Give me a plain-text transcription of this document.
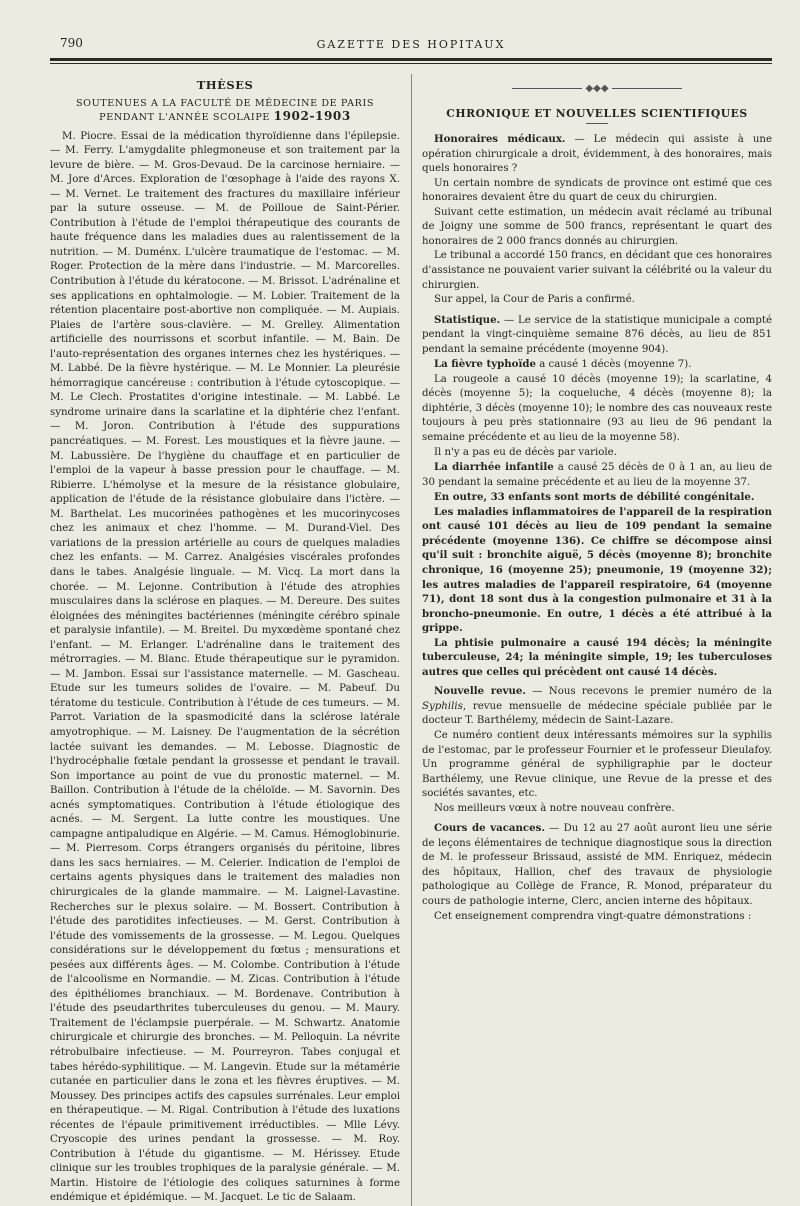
790	GAZETTE DES HOPITAUX
THÈSES
SOUTENUES A LA FACULTÉ DE MÉDECINE DE PARIS
PENDANT L'ANNÉE SCOLAIPE 1902-1903

M. Piocre. Essai de la médication thyroïdienne dans l'épilepsie. — M. Ferry. L'amygdalite phlegmoneuse et son traitement par la levure de bière. — M. Gros-Devaud. De la carcinose herniaire. — M. Jore d'Arces. Exploration de l'œsophage à l'aide des rayons X. — M. Vernet. Le traitement des fractures du maxillaire inférieur par la suture osseuse. — M. de Poilloue de Saint-Périer. Contribution à l'étude de l'emploi thérapeutique des courants de haute fréquence dans les maladies dues au ralentissement de la nutrition. — M. Duménx. L'ulcère traumatique de l'estomac. — M. Roger. Protection de la mère dans l'industrie. — M. Marcorelles. Contribution à l'étude du kératocone. — M. Brissot. L'adrénaline et ses applications en ophtalmologie. — M. Lobier. Traitement de la rétention placentaire post-abortive non compliquée. — M. Aupiais. Plaies de l'artère sous-clavière. — M. Grelley. Alimentation artificielle des nourrissons et scorbut infantile. — M. Bain. De l'auto-représentation des organes internes chez les hystériques. — M. Labbé. De la fièvre hystérique. — M. Le Monnier. La pleurésie hémorragique cancéreuse : contribution à l'étude cytoscopique. — M. Le Clech. Prostatites d'origine intestinale. — M. Labbé. Le syndrome urinaire dans la scarlatine et la diphtérie chez l'enfant. — M. Joron. Contribution à l'étude des suppurations pancréatiques. — M. Forest. Les moustiques et la fièvre jaune. — M. Labussière. De l'hygiène du chauffage et en particulier de l'emploi de la vapeur à basse pression pour le chauffage. — M. Ribierre. L'hémolyse et la mesure de la résistance globulaire, application de l'étude de la résistance globulaire dans l'ictère. — M. Barthelat. Les mucorinées pathogènes et les mucorinycoses chez les animaux et chez l'homme. — M. Durand-Viel. Des variations de la pression artérielle au cours de quelques maladies chez les enfants. — M. Carrez. Analgésies viscérales profondes dans le tabes. Analgésie linguale. — M. Vicq. La mort dans la chorée. — M. Lejonne. Contribution à l'étude des atrophies musculaires dans la sclérose en plaques. — M. Dereure. Des suites éloignées des méningites bactériennes (méningite cérébro spinale et paralysie infantile). — M. Breitel. Du myxœdème spontané chez l'enfant. — M. Erlanger. L'adrénaline dans le traitement des métrorragies. — M. Blanc. Etude thérapeutique sur le pyramidon. — M. Jambon. Essai sur l'assistance maternelle. — M. Gascheau. Etude sur les tumeurs solides de l'ovaire. — M. Pabeuf. Du tératome du testicule. Contribution à l'étude de ces tumeurs. — M. Parrot. Variation de la spasmodicité dans la sclérose latérale amyotrophique. — M. Laisney. De l'augmentation de la sécrétion lactée suivant les demandes. — M. Lebosse. Diagnostic de l'hydrocéphalie fœtale pendant la grossesse et pendant le travail. Son importance au point de vue du pronostic maternel. — M. Baillon. Contribution à l'étude de la chéloïde. — M. Savornin. Des acnés symptomatiques. Contribution à l'étude étiologique des acnés. — M. Sergent. La lutte contre les moustiques. Une campagne antipaludique en Algérie. — M. Camus. Hémoglobinurie. — M. Pierresom. Corps étrangers organisés du péritoine, libres dans les sacs herniaires. — M. Celerier. Indication de l'emploi de certains agents physiques dans le traitement des maladies non chirurgicales de la glande mammaire. — M. Laignel-Lavastine. Recherches sur le plexus solaire. — M. Bossert. Contribution à l'étude des parotidites infectieuses. — M. Gerst. Contribution à l'étude des vomissements de la grossesse. — M. Legou. Quelques considérations sur le développement du fœtus ; mensurations et pesées aux différents âges. — M. Colombe. Contribution à l'étude de l'alcoolisme en Normandie. — M. Zicas. Contribution à l'étude des épithéliomes branchiaux. — M. Bordenave. Contribution à l'étude des pseudarthrites tuberculeuses du genou. — M. Maury. Traitement de l'éclampsie puerpérale. — M. Schwartz. Anatomie chirurgicale et chirurgie des bronches. — M. Pelloquin. La névrite rétrobulbaire infectieuse. — M. Pourreyron. Tabes conjugal et tabes hérédo-syphilitique. — M. Langevin. Etude sur la métamérie cutanée en particulier dans le zona et les fièvres éruptives. — M. Moussey. Des principes actifs des capsules surrénales. Leur emploi en thérapeutique. — M. Rigal. Contribution à l'étude des luxations récentes de l'épaule primitivement irréductibles. — Mlle Lévy. Cryoscopie des urines pendant la grossesse. — M. Roy. Contribution à l'étude du gigantisme. — M. Hérissey. Etude clinique sur les troubles trophiques de la paralysie générale. — M. Martin. Histoire de l'étiologie des coliques saturnines à forme endémique et épidémique. — M. Jacquet. Le tic de Salaam.

◆◆◆
CHRONIQUE ET NOUVELLES SCIENTIFIQUES

Honoraires médicaux. — Le médecin qui assiste à une opération chirurgicale a droit, évidemment, à des honoraires, mais quels honoraires ?

Un certain nombre de syndicats de province ont estimé que ces honoraires devaient être du quart de ceux du chirurgien.

Suivant cette estimation, un médecin avait réclamé au tribunal de Joigny une somme de 500 francs, représentant le quart des honoraires de 2 000 francs donnés au chirurgien.

Le tribunal a accordé 150 francs, en décidant que ces honoraires d'assistance ne pouvaient varier suivant la célébrité ou la valeur du chirurgien.

Sur appel, la Cour de Paris a confirmé.

Statistique. — Le service de la statistique municipale a compté pendant la vingt-cinquième semaine 876 décès, au lieu de 851 pendant la semaine précédente (moyenne 904).

La fièvre typhoïde a causé 1 décès (moyenne 7).

La rougeole a causé 10 décès (moyenne 19); la scarlatine, 4 décès (moyenne 5); la coqueluche, 4 décès (moyenne 8); la diphtérie, 3 décès (moyenne 10); le nombre des cas nouveaux reste toujours à peu près stationnaire (93 au lieu de 96 pendant la semaine précédente et au lieu de la moyenne 58).

Il n'y a pas eu de décès par variole.

La diarrhée infantile a causé 25 décès de 0 à 1 an, au lieu de 30 pendant la semaine précédente et au lieu de la moyenne 37.

En outre, 33 enfants sont morts de débilité congénitale.

Les maladies inflammatoires de l'appareil de la respiration ont causé 101 décès au lieu de 109 pendant la semaine précédente (moyenne 136). Ce chiffre se décompose ainsi qu'il suit : bronchite aiguë, 5 décès (moyenne 8); bronchite chronique, 16 (moyenne 25); pneumonie, 19 (moyenne 32); les autres maladies de l'appareil respiratoire, 64 (moyenne 71), dont 18 sont dus à la congestion pulmonaire et 31 à la broncho-pneumonie. En outre, 1 décès a été attribué à la grippe.

La phtisie pulmonaire a causé 194 décès; la méningite tuberculeuse, 24; la méningite simple, 19; les tuberculoses autres que celles qui précèdent ont causé 14 décès.

Nouvelle revue. — Nous recevons le premier numéro de la Syphilis, revue mensuelle de médecine spéciale publiée par le docteur T. Barthélemy, médecin de Saint-Lazare.

Ce numéro contient deux intéressants mémoires sur la syphilis de l'estomac, par le professeur Fournier et le professeur Dieulafoy. Un programme général de syphiligraphie par le docteur Barthélemy, une Revue clinique, une Revue de la presse et des sociétés savantes, etc.

Nos meilleurs vœux à notre nouveau confrère.

Cours de vacances. — Du 12 au 27 août auront lieu une série de leçons élémentaires de technique diagnostique sous la direction de M. le professeur Brissaud, assisté de MM. Enriquez, médecin des hôpitaux, Hallion, chef des travaux de physiologie pathologique au Collège de France, R. Monod, préparateur du cours de pathologie interne, Clerc, ancien interne des hôpitaux.

Cet enseignement comprendra vingt-quatre démonstrations :
